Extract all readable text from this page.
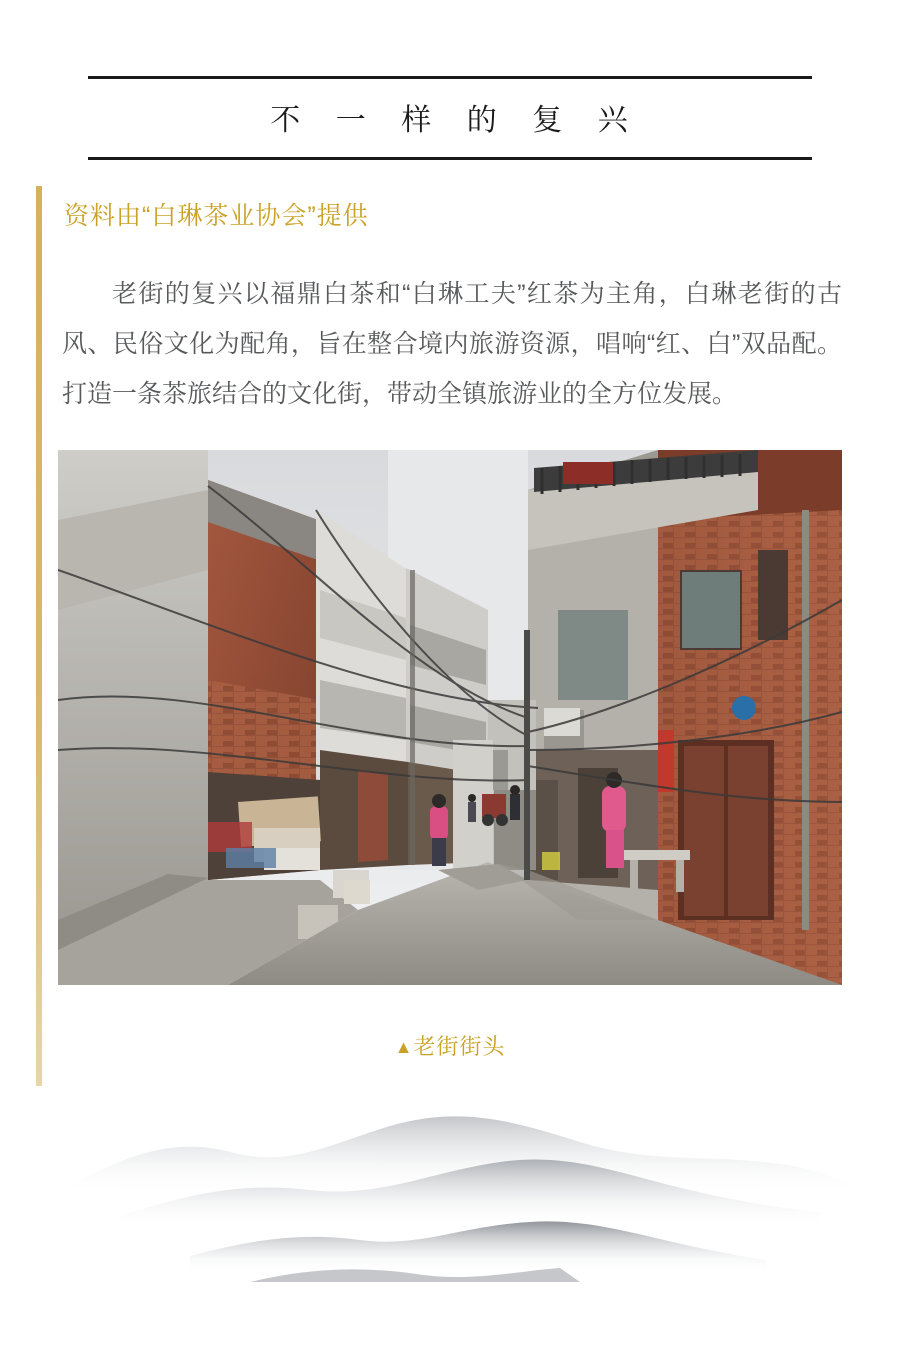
不 一 样 的 复 兴
资料由“白琳茶业协会”提供

老街的复兴以福鼎白茶和“白琳工夫”红茶为主角，白琳老街的古风、民俗文化为配角，旨在整合境内旅游资源，唱响“红、白”双品配。打造一条茶旅结合的文化街，带动全镇旅游业的全方位发展。

▲老街街头
